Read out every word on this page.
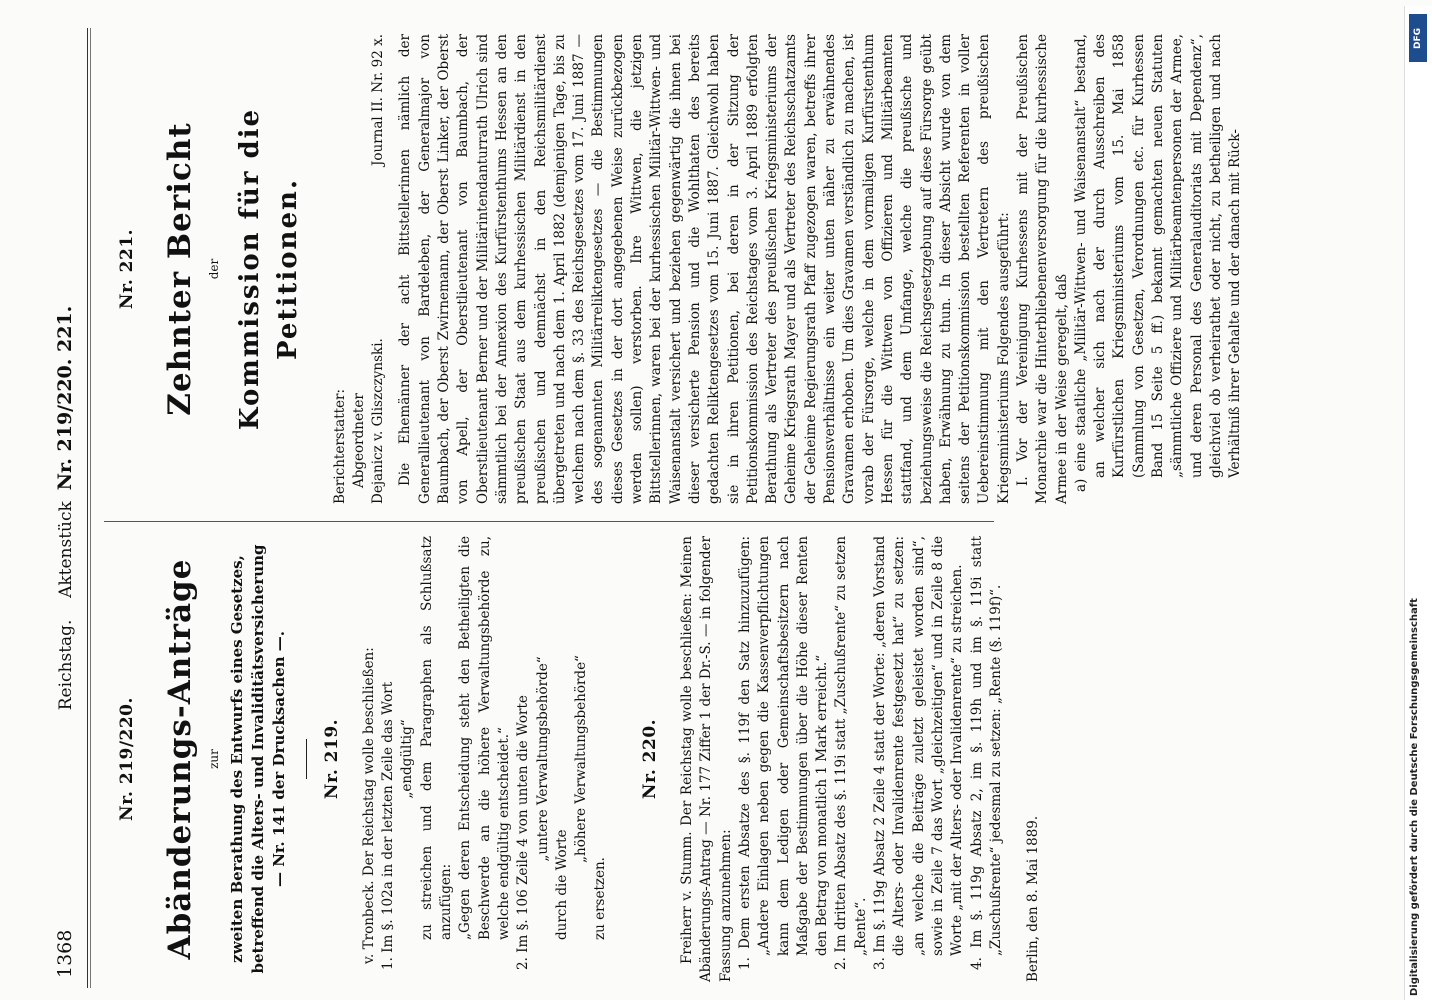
1368
Reichstag.    Aktenstück  Nr. 219/220. 221.

Nr. 219/220. Abänderungs-Anträge zur zweiten Berathung des Entwurfs eines Gesetzes, betreffend die Alters- und Invaliditätsversicherung — Nr. 141 der Drucksachen —. Nr. 219. v. Tronbeck. Der Reichstag wolle beschließen: 1. Im §. 102a in der letzten Zeile das Wort „endgültig“ zu streichen und dem Paragraphen als Schlußsatz anzufügen: „Gegen deren Entscheidung steht den Betheiligten die Beschwerde an die höhere Verwaltungsbehörde zu, welche endgültig entscheidet.“ 2. Im §. 106 Zeile 4 von unten die Worte „untere Verwaltungsbehörde“

durch die Worte

„höhere Verwaltungsbehörde“

zu ersetzen.

Nr. 220. Freiherr v. Stumm. Der Reichstag wolle beschließen: Meinen Abänderungs-Antrag — Nr. 177 Ziffer 1 der Dr.-S. — in folgender Fassung anzunehmen: 1. Dem ersten Absatze des §. 119f den Satz hinzuzufügen: „Andere Einlagen neben gegen die Kassenverpflichtungen kann dem Ledigen oder Gemeinschaftsbesitzern nach Maßgabe der Bestimmungen über die Höhe dieser Renten den Betrag von monatlich 1 Mark erreicht.“ 2. Im dritten Absatz des §. 119i statt „Zuschußrente“ zu setzen „Rente“. 3. Im §. 119g Absatz 2 Zeile 4 statt der Worte: „deren Vorstand die Alters- oder Invalidenrente festgesetzt hat“ zu setzen: „an welche die Beiträge zuletzt geleistet worden sind“, sowie in Zeile 7 das Wort „gleichzeitigen“ und in Zeile 8 die Worte „mit der Alters- oder Invalidenrente“ zu streichen. 4. Im §. 119g Absatz 2, im §. 119h und im §. 119i statt „Zuschußrente“ jedesmal zu setzen: „Rente (§. 119f)“. Berlin, den 8. Mai 1889.

Nr. 221. Zehnter Bericht der Kommission für die Petitionen.

Berichterstatter: Abgeordneter Dejanicz v. Gliszczynski.
Journal II. Nr. 92 x. Die Ehemänner der acht Bittstellerinnen nämlich der Generallieutenant von Bardeleben, der Generalmajor von Baumbach, der Oberst Zwirnemann, der Oberst Linker, der Oberst von Apell, der Oberstlieutenant von Baumbach, der Oberstlieutenant Berner und der Militärintendanturrath Ulrich sind sämmtlich bei der Annexion des Kurfürstenthums Hessen an den preußischen Staat aus dem kurhessischen Militärdienst in den preußischen und demnächst in den Reichsmilitärdienst übergetreten und nach dem 1. April 1882 (demjenigen Tage, bis zu welchem nach dem §. 33 des Reichsgesetzes vom 17. Juni 1887 — des sogenannten Militärreliktengesetzes — die Bestimmungen dieses Gesetzes in der dort angegebenen Weise zurückbezogen werden sollen) verstorben. Ihre Wittwen, die jetzigen Bittstellerinnen, waren bei der kurhessischen Militär-Wittwen- und Waisenanstalt versichert und beziehen gegenwärtig die ihnen bei dieser versicherte Pension und die Wohlthaten des bereits gedachten Reliktengesetzes vom 15. Juni 1887. Gleichwohl haben sie in ihren Petitionen, bei deren in der Sitzung der Petitionskommission des Reichstages vom 3. April 1889 erfolgten Berathung als Vertreter des preußischen Kriegsministeriums der Geheime Kriegsrath Mayer und als Vertreter des Reichsschatzamts der Geheime Regierungsrath Pfaff zugezogen waren, betreffs ihrer Pensionsverhältnisse ein weiter unten näher zu erwähnendes Gravamen erhoben. Um dies Gravamen verständlich zu machen, ist vorab der Fürsorge, welche in dem vormaligen Kurfürstenthum Hessen für die Wittwen von Offizieren und Militärbeamten stattfand, und dem Umfange, welche die preußische und beziehungsweise die Reichsgesetzgebung auf diese Fürsorge geübt haben, Erwähnung zu thun. In dieser Absicht wurde von dem seitens der Petitionskommission bestellten Referenten in voller Uebereinstimmung mit den Vertretern des preußischen Kriegsministeriums Folgendes ausgeführt: I. Vor der Vereinigung Kurhessens mit der Preußischen Monarchie war die Hinterbliebenenversorgung für die kurhessische Armee in der Weise geregelt, daß a) eine staatliche „Militär-Wittwen- und Waisenanstalt“ bestand, an welcher sich nach der durch Ausschreiben des Kurfürstlichen Kriegsministeriums vom 15. Mai 1858 (Sammlung von Gesetzen, Verordnungen etc. für Kurhessen Band 15 Seite 5 ff.) bekannt gemachten neuen Statuten „sämmtliche Offiziere und Militärbeamtenpersonen der Armee, und deren Personal des Generalauditoriats mit Dependenz“, gleichviel ob verheirathet oder nicht, zu betheiligen und nach Verhältniß ihrer Gehalte und der danach mit Rück-

DFG
Digitalisierung gefördert durch die Deutsche Forschungsgemeinschaft
